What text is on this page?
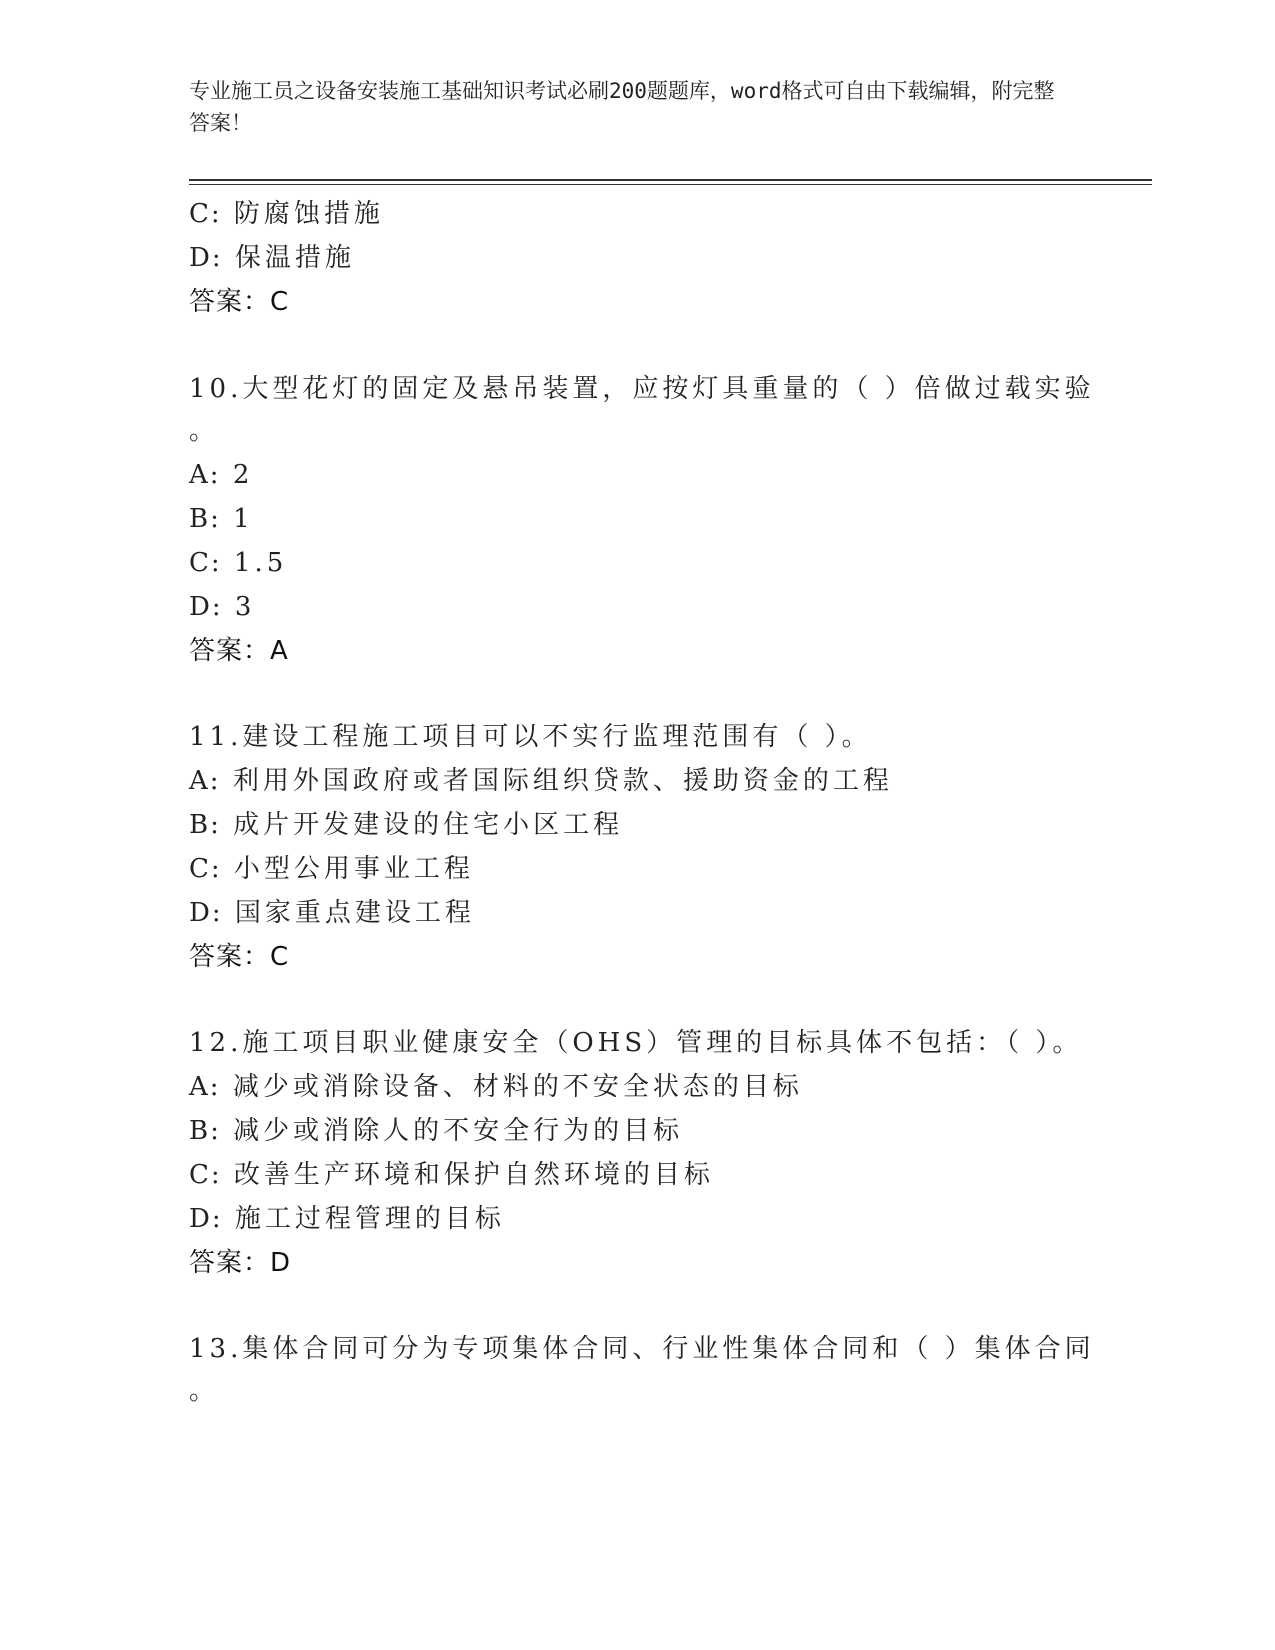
专业施工员之设备安装施工基础知识考试必刷200题题库，word格式可自由下载编辑，附完整答案！
C: 防腐蚀措施
D: 保温措施
答案：C
10.大型花灯的固定及悬吊装置，应按灯具重量的（ ）倍做过载实验
。
A: 2
B: 1
C: 1.5
D: 3
答案：A
11.建设工程施工项目可以不实行监理范围有（ ）。
A: 利用外国政府或者国际组织贷款、援助资金的工程
B: 成片开发建设的住宅小区工程
C: 小型公用事业工程
D: 国家重点建设工程
答案：C
12.施工项目职业健康安全（OHS）管理的目标具体不包括：（ ）。
A: 减少或消除设备、材料的不安全状态的目标
B: 减少或消除人的不安全行为的目标
C: 改善生产环境和保护自然环境的目标
D: 施工过程管理的目标
答案：D
13.集体合同可分为专项集体合同、行业性集体合同和（ ）集体合同
。
